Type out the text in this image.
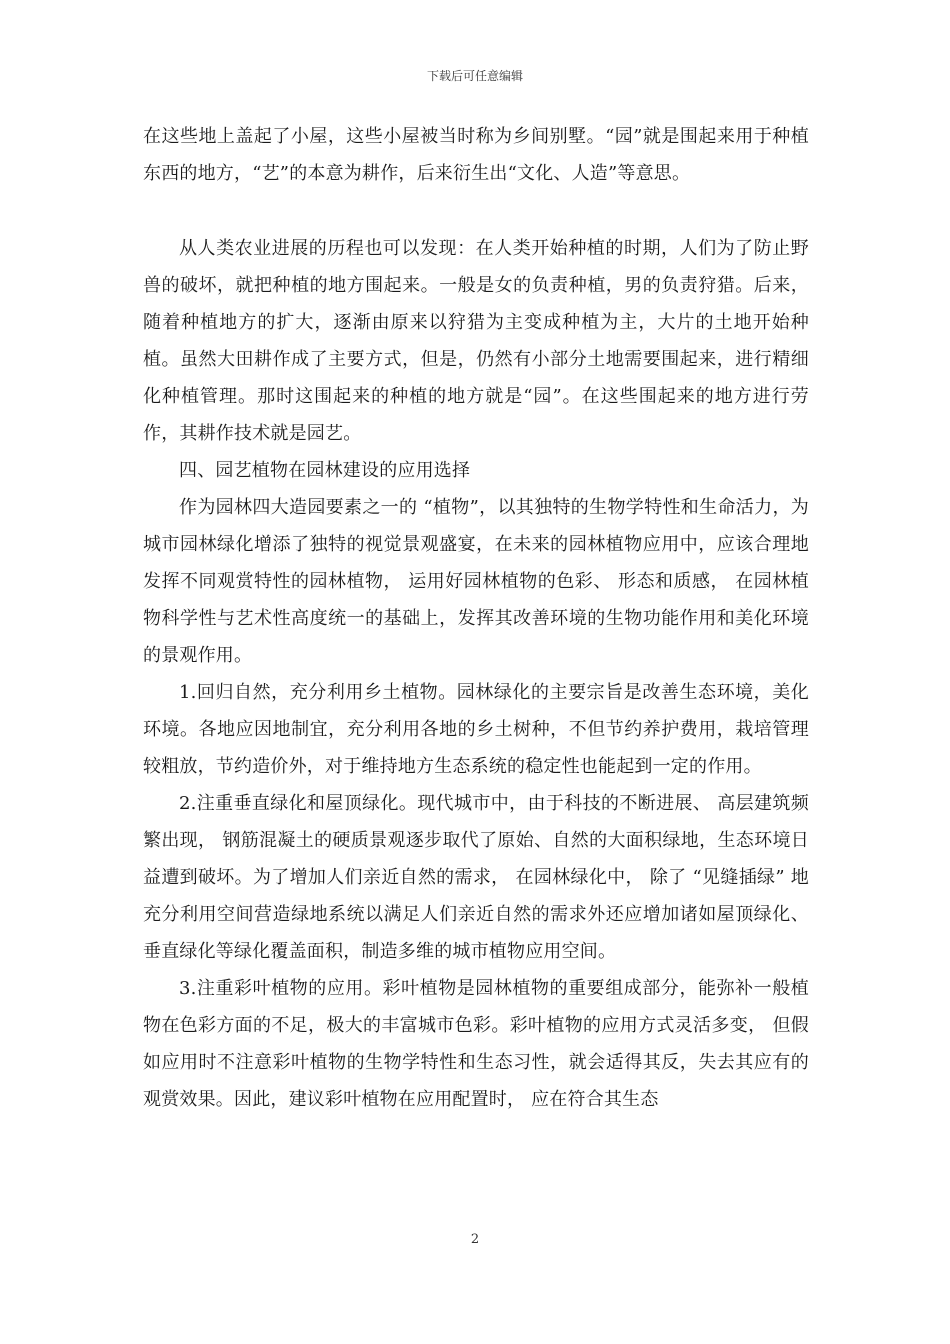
下载后可任意编辑

在这些地上盖起了小屋，这些小屋被当时称为乡间别墅。“园”就是围起来用于种植东西的地方，“艺”的本意为耕作，后来衍生出“文化、人造”等意思。

从人类农业进展的历程也可以发现：在人类开始种植的时期，人们为了防止野兽的破坏，就把种植的地方围起来。一般是女的负责种植，男的负责狩猎。后来，随着种植地方的扩大，逐渐由原来以狩猎为主变成种植为主，大片的土地开始种植。虽然大田耕作成了主要方式，但是，仍然有小部分土地需要围起来，进行精细化种植管理。那时这围起来的种植的地方就是“园”。在这些围起来的地方进行劳作，其耕作技术就是园艺。

四、园艺植物在园林建设的应用选择

作为园林四大造园要素之一的 “植物”，以其独特的生物学特性和生命活力，为城市园林绿化增添了独特的视觉景观盛宴，在未来的园林植物应用中，应该合理地发挥不同观赏特性的园林植物， 运用好园林植物的色彩、 形态和质感， 在园林植物科学性与艺术性高度统一的基础上，发挥其改善环境的生物功能作用和美化环境的景观作用。

1.回归自然，充分利用乡土植物。园林绿化的主要宗旨是改善生态环境，美化环境。各地应因地制宜，充分利用各地的乡土树种，不但节约养护费用，栽培管理较粗放，节约造价外，对于维持地方生态系统的稳定性也能起到一定的作用。

2.注重垂直绿化和屋顶绿化。现代城市中，由于科技的不断进展、 高层建筑频繁出现， 钢筋混凝土的硬质景观逐步取代了原始、自然的大面积绿地，生态环境日益遭到破坏。为了增加人们亲近自然的需求， 在园林绿化中， 除了 “见缝插绿” 地充分利用空间营造绿地系统以满足人们亲近自然的需求外还应增加诸如屋顶绿化、 垂直绿化等绿化覆盖面积，制造多维的城市植物应用空间。

3.注重彩叶植物的应用。彩叶植物是园林植物的重要组成部分，能弥补一般植物在色彩方面的不足，极大的丰富城市色彩。彩叶植物的应用方式灵活多变， 但假如应用时不注意彩叶植物的生物学特性和生态习性，就会适得其反，失去其应有的观赏效果。因此，建议彩叶植物在应用配置时， 应在符合其生态

2
